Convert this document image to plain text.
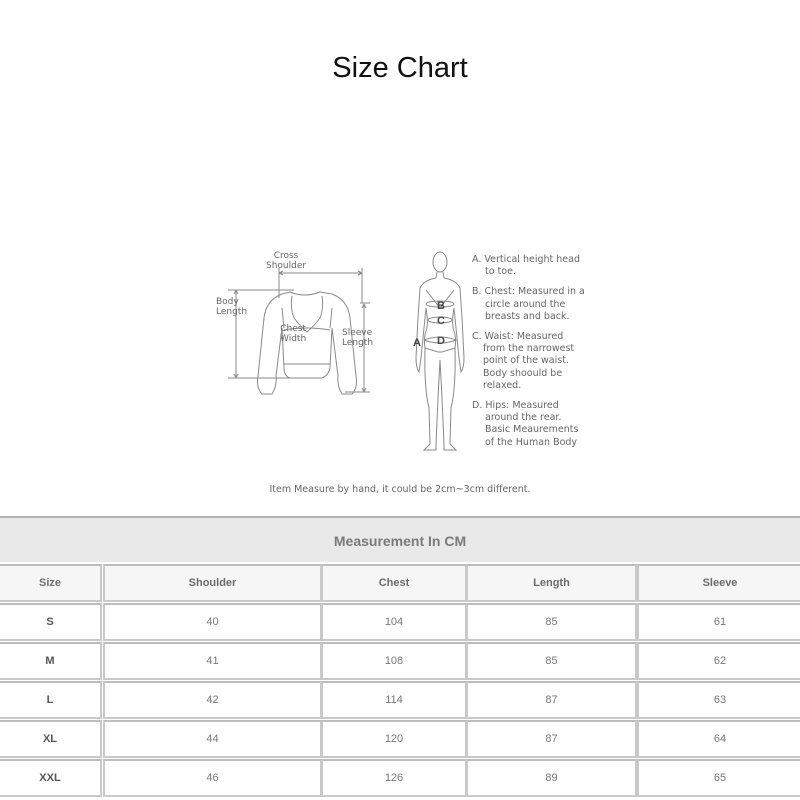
Size Chart
Cross
Shoulder
Body
Length
Chest
Width
Sleeve
Length	A
B
C
D
A. Vertical height head
to toe.
B. Chest: Measured in a
circle around the
breasts and back.
C. Waist: Measured
from the narrowest
point of the waist.
Body shoould be
relaxed.
D. Hips: Measured
around the rear.
Basic Meaurements
of the Human Body
Item Measure by hand, it could be 2cm~3cm different.
Measurement In CM
Size	Shoulder	Chest	Length	Sleeve
S	40	104	85	61
M	41	108	85	62
L	42	114	87	63
XL	44	120	87	64
XXL	46	126	89	65
